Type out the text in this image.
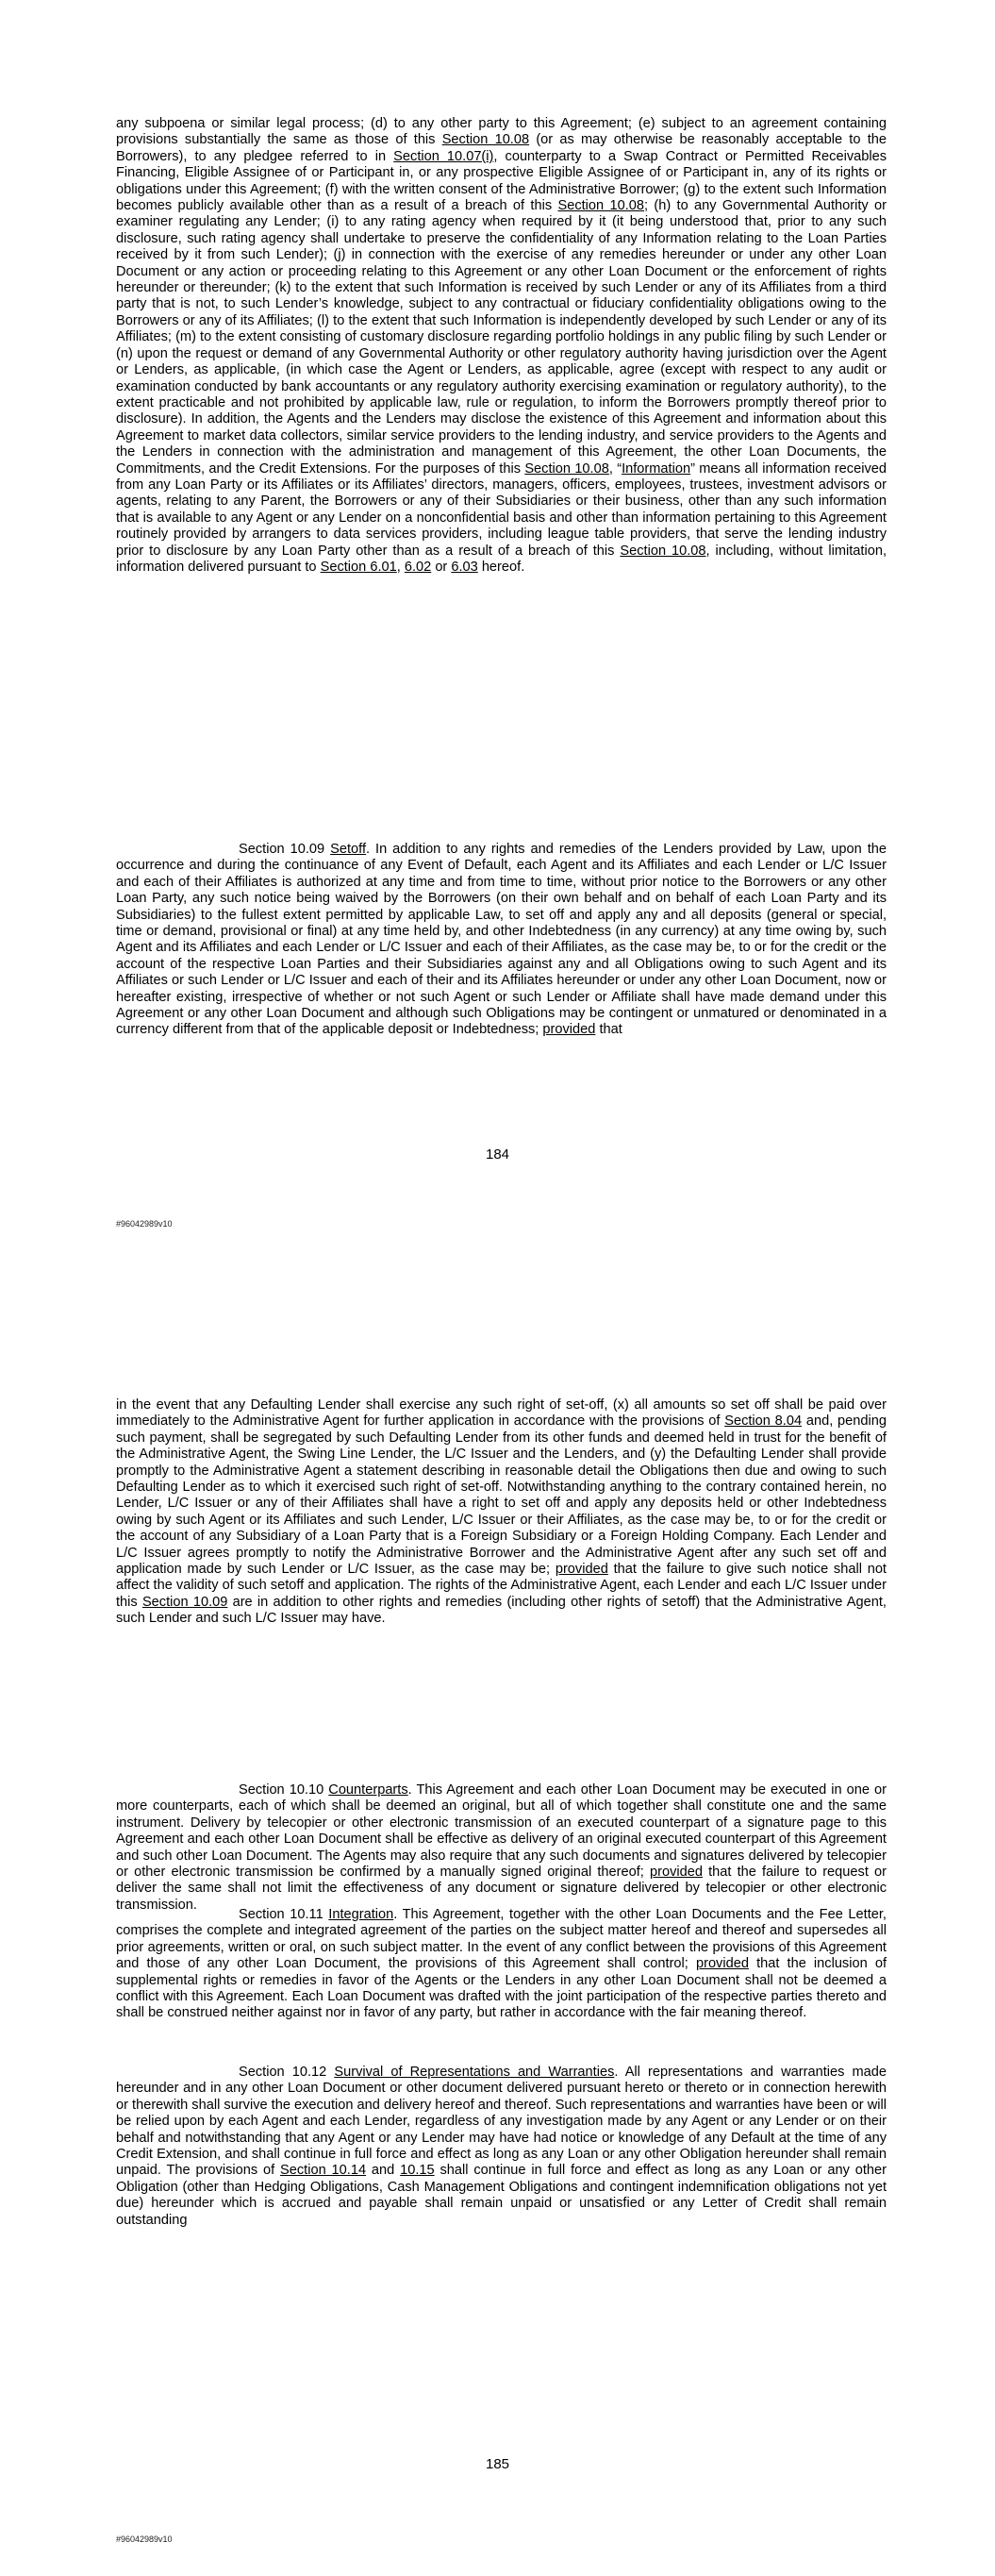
any subpoena or similar legal process; (d) to any other party to this Agreement; (e) subject to an agreement containing provisions substantially the same as those of this Section 10.08 (or as may otherwise be reasonably acceptable to the Borrowers), to any pledgee referred to in Section 10.07(i), counterparty to a Swap Contract or Permitted Receivables Financing, Eligible Assignee of or Participant in, or any prospective Eligible Assignee of or Participant in, any of its rights or obligations under this Agreement; (f) with the written consent of the Administrative Borrower; (g) to the extent such Information becomes publicly available other than as a result of a breach of this Section 10.08; (h) to any Governmental Authority or examiner regulating any Lender; (i) to any rating agency when required by it (it being understood that, prior to any such disclosure, such rating agency shall undertake to preserve the confidentiality of any Information relating to the Loan Parties received by it from such Lender); (j) in connection with the exercise of any remedies hereunder or under any other Loan Document or any action or proceeding relating to this Agreement or any other Loan Document or the enforcement of rights hereunder or thereunder; (k) to the extent that such Information is received by such Lender or any of its Affiliates from a third party that is not, to such Lender’s knowledge, subject to any contractual or fiduciary confidentiality obligations owing to the Borrowers or any of its Affiliates; (l) to the extent that such Information is independently developed by such Lender or any of its Affiliates; (m) to the extent consisting of customary disclosure regarding portfolio holdings in any public filing by such Lender or (n) upon the request or demand of any Governmental Authority or other regulatory authority having jurisdiction over the Agent or Lenders, as applicable, (in which case the Agent or Lenders, as applicable, agree (except with respect to any audit or examination conducted by bank accountants or any regulatory authority exercising examination or regulatory authority), to the extent practicable and not prohibited by applicable law, rule or regulation, to inform the Borrowers promptly thereof prior to disclosure). In addition, the Agents and the Lenders may disclose the existence of this Agreement and information about this Agreement to market data collectors, similar service providers to the lending industry, and service providers to the Agents and the Lenders in connection with the administration and management of this Agreement, the other Loan Documents, the Commitments, and the Credit Extensions. For the purposes of this Section 10.08, “Information” means all information received from any Loan Party or its Affiliates or its Affiliates’ directors, managers, officers, employees, trustees, investment advisors or agents, relating to any Parent, the Borrowers or any of their Subsidiaries or their business, other than any such information that is available to any Agent or any Lender on a nonconfidential basis and other than information pertaining to this Agreement routinely provided by arrangers to data services providers, including league table providers, that serve the lending industry prior to disclosure by any Loan Party other than as a result of a breach of this Section 10.08, including, without limitation, information delivered pursuant to Section 6.01, 6.02 or 6.03 hereof.
Section 10.09 Setoff. In addition to any rights and remedies of the Lenders provided by Law, upon the occurrence and during the continuance of any Event of Default, each Agent and its Affiliates and each Lender or L/C Issuer and each of their Affiliates is authorized at any time and from time to time, without prior notice to the Borrowers or any other Loan Party, any such notice being waived by the Borrowers (on their own behalf and on behalf of each Loan Party and its Subsidiaries) to the fullest extent permitted by applicable Law, to set off and apply any and all deposits (general or special, time or demand, provisional or final) at any time held by, and other Indebtedness (in any currency) at any time owing by, such Agent and its Affiliates and each Lender or L/C Issuer and each of their Affiliates, as the case may be, to or for the credit or the account of the respective Loan Parties and their Subsidiaries against any and all Obligations owing to such Agent and its Affiliates or such Lender or L/C Issuer and each of their and its Affiliates hereunder or under any other Loan Document, now or hereafter existing, irrespective of whether or not such Agent or such Lender or Affiliate shall have made demand under this Agreement or any other Loan Document and although such Obligations may be contingent or unmatured or denominated in a currency different from that of the applicable deposit or Indebtedness; provided that
184
#96042989v10
in the event that any Defaulting Lender shall exercise any such right of set-off, (x) all amounts so set off shall be paid over immediately to the Administrative Agent for further application in accordance with the provisions of Section 8.04 and, pending such payment, shall be segregated by such Defaulting Lender from its other funds and deemed held in trust for the benefit of the Administrative Agent, the Swing Line Lender, the L/C Issuer and the Lenders, and (y) the Defaulting Lender shall provide promptly to the Administrative Agent a statement describing in reasonable detail the Obligations then due and owing to such Defaulting Lender as to which it exercised such right of set-off. Notwithstanding anything to the contrary contained herein, no Lender, L/C Issuer or any of their Affiliates shall have a right to set off and apply any deposits held or other Indebtedness owing by such Agent or its Affiliates and such Lender, L/C Issuer or their Affiliates, as the case may be, to or for the credit or the account of any Subsidiary of a Loan Party that is a Foreign Subsidiary or a Foreign Holding Company. Each Lender and L/C Issuer agrees promptly to notify the Administrative Borrower and the Administrative Agent after any such set off and application made by such Lender or L/C Issuer, as the case may be; provided that the failure to give such notice shall not affect the validity of such setoff and application. The rights of the Administrative Agent, each Lender and each L/C Issuer under this Section 10.09 are in addition to other rights and remedies (including other rights of setoff) that the Administrative Agent, such Lender and such L/C Issuer may have.
Section 10.10 Counterparts. This Agreement and each other Loan Document may be executed in one or more counterparts, each of which shall be deemed an original, but all of which together shall constitute one and the same instrument. Delivery by telecopier or other electronic transmission of an executed counterpart of a signature page to this Agreement and each other Loan Document shall be effective as delivery of an original executed counterpart of this Agreement and such other Loan Document. The Agents may also require that any such documents and signatures delivered by telecopier or other electronic transmission be confirmed by a manually signed original thereof; provided that the failure to request or deliver the same shall not limit the effectiveness of any document or signature delivered by telecopier or other electronic transmission.
Section 10.11 Integration. This Agreement, together with the other Loan Documents and the Fee Letter, comprises the complete and integrated agreement of the parties on the subject matter hereof and thereof and supersedes all prior agreements, written or oral, on such subject matter. In the event of any conflict between the provisions of this Agreement and those of any other Loan Document, the provisions of this Agreement shall control; provided that the inclusion of supplemental rights or remedies in favor of the Agents or the Lenders in any other Loan Document shall not be deemed a conflict with this Agreement. Each Loan Document was drafted with the joint participation of the respective parties thereto and shall be construed neither against nor in favor of any party, but rather in accordance with the fair meaning thereof.
Section 10.12 Survival of Representations and Warranties. All representations and warranties made hereunder and in any other Loan Document or other document delivered pursuant hereto or thereto or in connection herewith or therewith shall survive the execution and delivery hereof and thereof. Such representations and warranties have been or will be relied upon by each Agent and each Lender, regardless of any investigation made by any Agent or any Lender or on their behalf and notwithstanding that any Agent or any Lender may have had notice or knowledge of any Default at the time of any Credit Extension, and shall continue in full force and effect as long as any Loan or any other Obligation hereunder shall remain unpaid. The provisions of Section 10.14 and 10.15 shall continue in full force and effect as long as any Loan or any other Obligation (other than Hedging Obligations, Cash Management Obligations and contingent indemnification obligations not yet due) hereunder which is accrued and payable shall remain unpaid or unsatisfied or any Letter of Credit shall remain outstanding
185
#96042989v10
